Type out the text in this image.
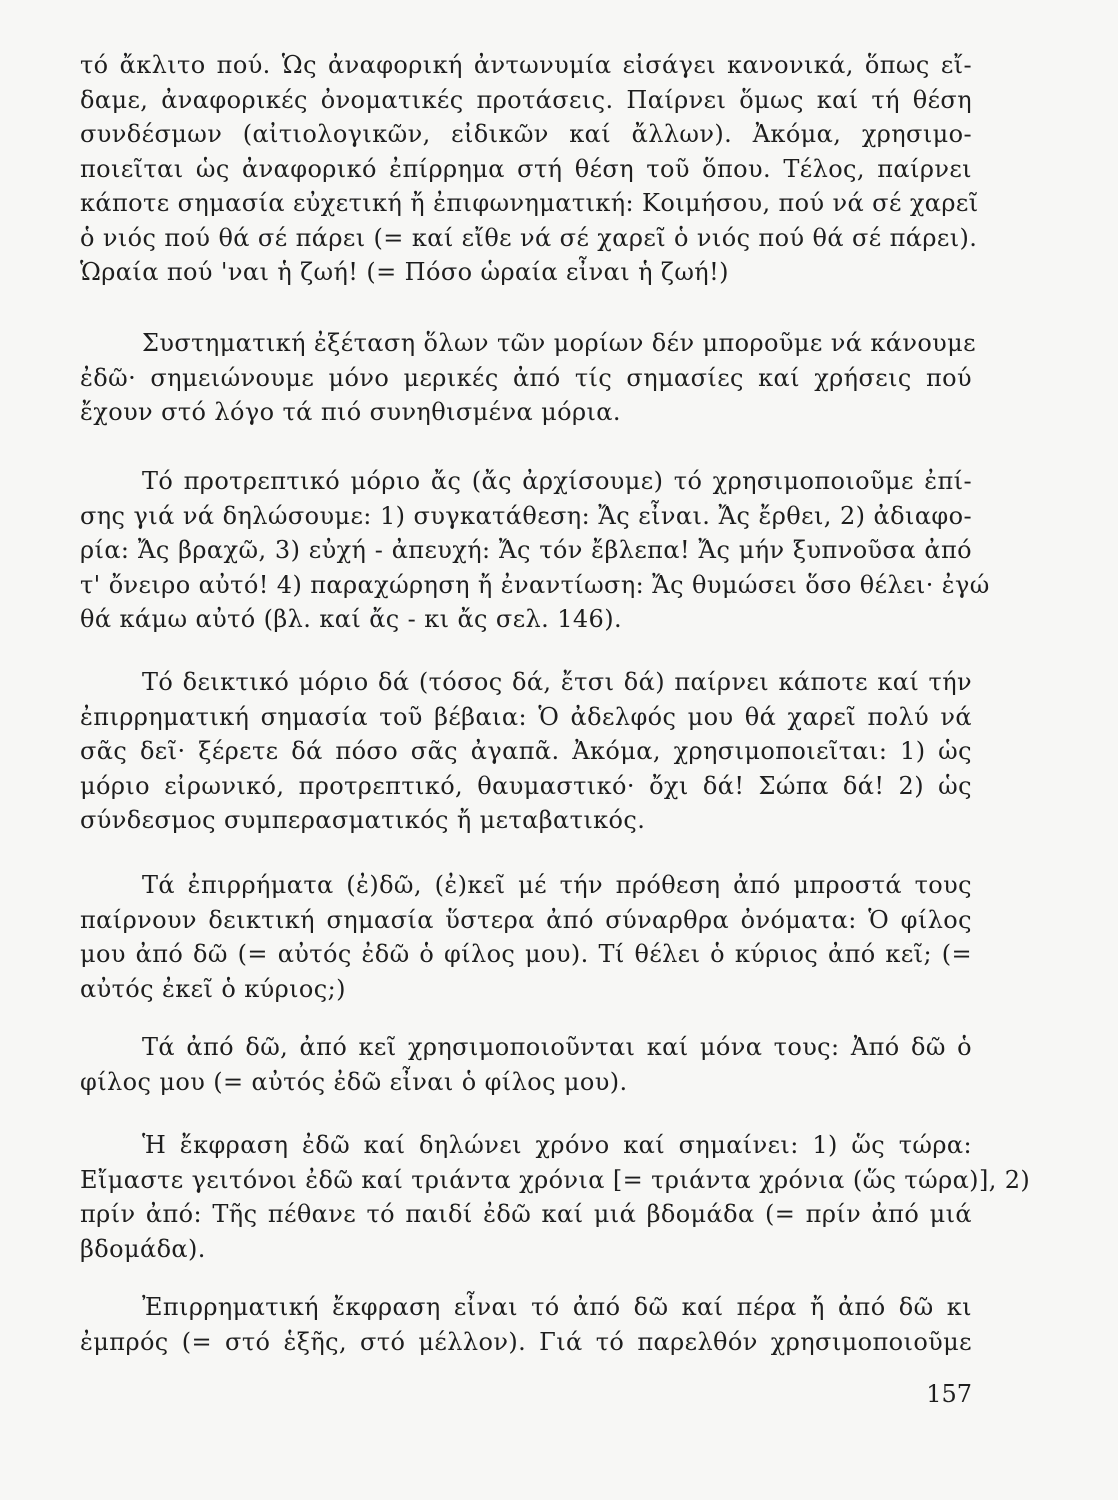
τό ἄκλιτο πού. Ὡς ἀναφορική ἀντωνυμία εἰσάγει κανονικά, ὅπως εἴ-
δαμε, ἀναφορικές ὀνοματικές προτάσεις. Παίρνει ὅμως καί τή θέση
συνδέσμων (αἰτιολογικῶν, εἰδικῶν καί ἄλλων). Ἀκόμα, χρησιμο-
ποιεῖται ὡς ἀναφορικό ἐπίρρημα στή θέση τοῦ ὅπου. Τέλος, παίρνει
κάποτε σημασία εὐχετική ἤ ἐπιφωνηματική: Κοιμήσου, πού νά σέ χαρεῖ
ὁ νιός πού θά σέ πάρει (= καί εἴθε νά σέ χαρεῖ ὁ νιός πού θά σέ πάρει).
Ὡραία πού 'ναι ἡ ζωή! (= Πόσο ὡραία εἶναι ἡ ζωή!)
Συστηματική ἐξέταση ὅλων τῶν μορίων δέν μποροῦμε νά κάνουμε
ἐδῶ· σημειώνουμε μόνο μερικές ἀπό τίς σημασίες καί χρήσεις πού
ἔχουν στό λόγο τά πιό συνηθισμένα μόρια.
Τό προτρεπτικό μόριο ἄς (ἄς ἀρχίσουμε) τό χρησιμοποιοῦμε ἐπί-
σης γιά νά δηλώσουμε: 1) συγκατάθεση: Ἄς εἶναι. Ἄς ἔρθει, 2) ἀδιαφο-
ρία: Ἄς βραχῶ, 3) εὐχή - ἀπευχή: Ἄς τόν ἔβλεπα! Ἄς μήν ξυπνοῦσα ἀπό
τ' ὄνειρο αὐτό! 4) παραχώρηση ἤ ἐναντίωση: Ἄς θυμώσει ὅσο θέλει· ἐγώ
θά κάμω αὐτό (βλ. καί ἄς - κι ἄς σελ. 146).
Τό δεικτικό μόριο δά (τόσος δά, ἔτσι δά) παίρνει κάποτε καί τήν
ἐπιρρηματική σημασία τοῦ βέβαια: Ὁ ἀδελφός μου θά χαρεῖ πολύ νά
σᾶς δεῖ· ξέρετε δά πόσο σᾶς ἀγαπᾶ. Ἀκόμα, χρησιμοποιεῖται: 1) ὡς
μόριο εἰρωνικό, προτρεπτικό, θαυμαστικό· ὄχι δά! Σώπα δά! 2) ὡς
σύνδεσμος συμπερασματικός ἤ μεταβατικός.
Τά ἐπιρρήματα (ἐ)δῶ, (ἐ)κεῖ μέ τήν πρόθεση ἀπό μπροστά τους
παίρνουν δεικτική σημασία ὕστερα ἀπό σύναρθρα ὀνόματα: Ὁ φίλος
μου ἀπό δῶ (= αὐτός ἐδῶ ὁ φίλος μου). Τί θέλει ὁ κύριος ἀπό κεῖ; (=
αὐτός ἐκεῖ ὁ κύριος;)
Τά ἀπό δῶ, ἀπό κεῖ χρησιμοποιοῦνται καί μόνα τους: Ἀπό δῶ ὁ
φίλος μου (= αὐτός ἐδῶ εἶναι ὁ φίλος μου).
Ἡ ἔκφραση ἐδῶ καί δηλώνει χρόνο καί σημαίνει: 1) ὥς τώρα:
Εἴμαστε γειτόνοι ἐδῶ καί τριάντα χρόνια [= τριάντα χρόνια (ὥς τώρα)], 2)
πρίν ἀπό: Τῆς πέθανε τό παιδί ἐδῶ καί μιά βδομάδα (= πρίν ἀπό μιά
βδομάδα).
Ἐπιρρηματική ἔκφραση εἶναι τό ἀπό δῶ καί πέρα ἤ ἀπό δῶ κι
ἐμπρός (= στό ἑξῆς, στό μέλλον). Γιά τό παρελθόν χρησιμοποιοῦμε
157
